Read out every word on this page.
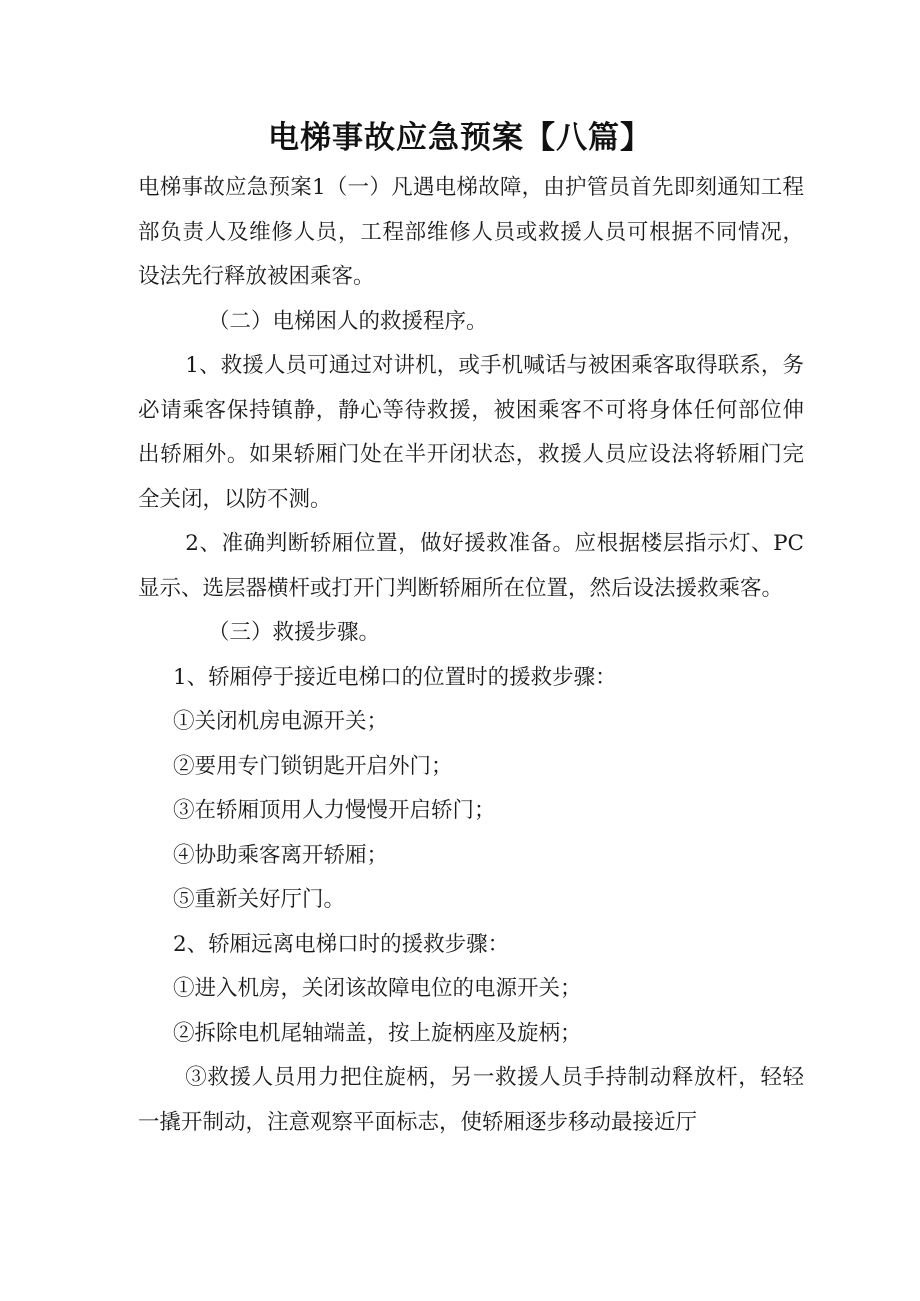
电梯事故应急预案【八篇】

电梯事故应急预案1（一）凡遇电梯故障，由护管员首先即刻通知工程部负责人及维修人员，工程部维修人员或救援人员可根据不同情况，设法先行释放被困乘客。

（二）电梯困人的救援程序。

1、救援人员可通过对讲机，或手机喊话与被困乘客取得联系，务必请乘客保持镇静，静心等待救援，被困乘客不可将身体任何部位伸出轿厢外。如果轿厢门处在半开闭状态，救援人员应设法将轿厢门完全关闭，以防不测。

2、准确判断轿厢位置，做好援救准备。应根据楼层指示灯、PC显示、选层器横杆或打开门判断轿厢所在位置，然后设法援救乘客。

（三）救援步骤。

1、轿厢停于接近电梯口的位置时的援救步骤：

①关闭机房电源开关；

②要用专门锁钥匙开启外门；

③在轿厢顶用人力慢慢开启轿门；

④协助乘客离开轿厢；

⑤重新关好厅门。

2、轿厢远离电梯口时的援救步骤：

①进入机房，关闭该故障电位的电源开关；

②拆除电机尾轴端盖，按上旋柄座及旋柄；

③救援人员用力把住旋柄，另一救援人员手持制动释放杆，轻轻一撬开制动，注意观察平面标志，使轿厢逐步移动最接近厅
